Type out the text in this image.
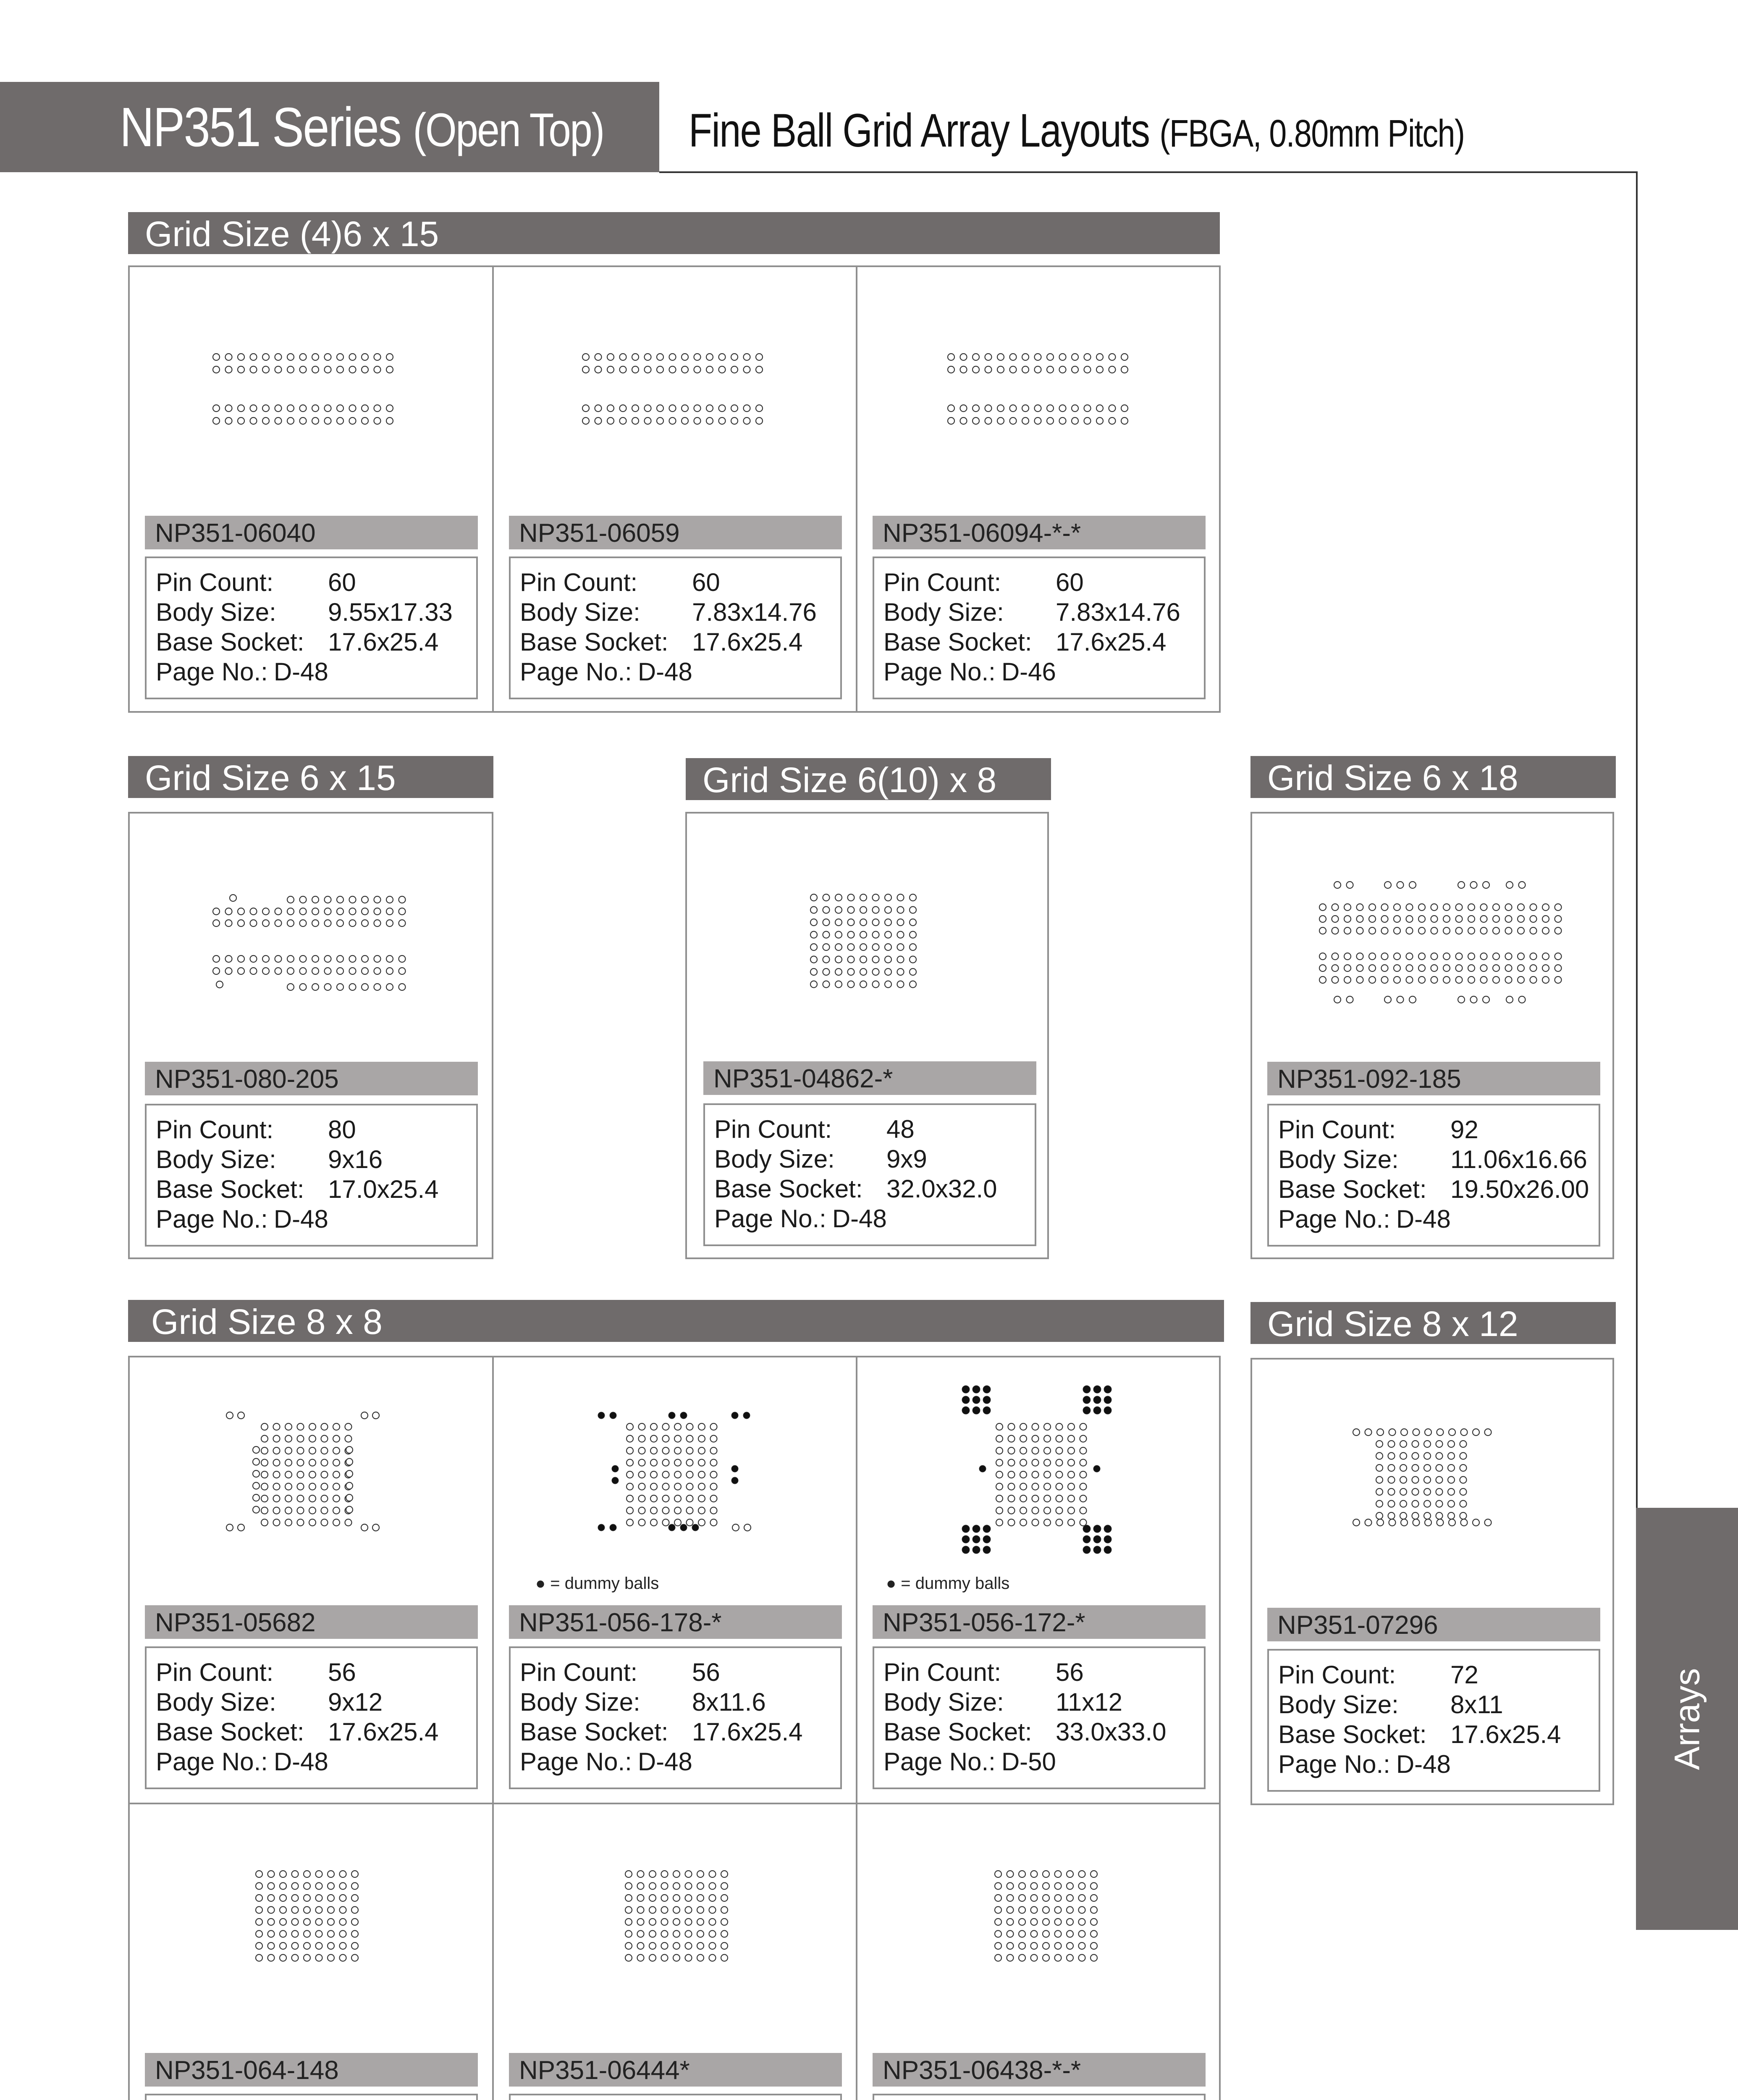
NP351 Series (Open Top) Fine Ball Grid Array Layouts (FBGA, 0.80mm Pitch)
Arrays
Grid Size (4)6 x 15
Grid Size 6 x 15	Grid Size 6(10) x 8	Grid Size 6 x 18
Grid Size 8 x 8	Grid Size 8 x 12
● = dummy balls	● = dummy balls
NP351-06040
Pin Count: 60
Body Size: 9.55x17.33
Base Socket: 17.6x25.4
Page No.: D-48
NP351-06059
Pin Count: 60
Body Size: 7.83x14.76
Base Socket: 17.6x25.4
Page No.: D-48
NP351-06094-*-*
Pin Count: 60
Body Size: 7.83x14.76
Base Socket: 17.6x25.4
Page No.: D-46
NP351-080-205
Pin Count: 80
Body Size: 9x16
Base Socket: 17.0x25.4
Page No.: D-48
NP351-04862-*
Pin Count: 48
Body Size: 9x9
Base Socket: 32.0x32.0
Page No.: D-48
NP351-092-185
Pin Count: 92
Body Size: 11.06x16.66
Base Socket: 19.50x26.00
Page No.: D-48
NP351-05682
Pin Count: 56
Body Size: 9x12
Base Socket: 17.6x25.4
Page No.: D-48
NP351-056-178-*
Pin Count: 56
Body Size: 8x11.6
Base Socket: 17.6x25.4
Page No.: D-48
NP351-056-172-*
Pin Count: 56
Body Size: 11x12
Base Socket: 33.0x33.0
Page No.: D-50
NP351-07296
Pin Count: 72
Body Size: 8x11
Base Socket: 17.6x25.4
Page No.: D-48
NP351-064-148	NP351-06444*	NP351-06438-*-*
